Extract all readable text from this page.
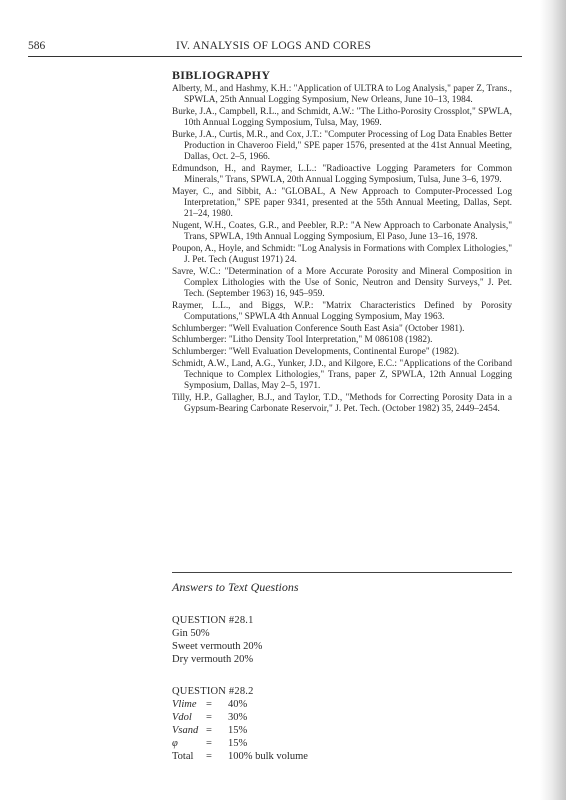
586	IV. ANALYSIS OF LOGS AND CORES
BIBLIOGRAPHY

Alberty, M., and Hashmy, K.H.: "Application of ULTRA to Log Analysis," paper Z, Trans., SPWLA, 25th Annual Logging Symposium, New Orleans, June 10–13, 1984.

Burke, J.A., Campbell, R.L., and Schmidt, A.W.: "The Litho-Porosity Crossplot," SPWLA, 10th Annual Logging Symposium, Tulsa, May, 1969.

Burke, J.A., Curtis, M.R., and Cox, J.T.: "Computer Processing of Log Data Enables Better Production in Chaveroo Field," SPE paper 1576, presented at the 41st Annual Meeting, Dallas, Oct. 2–5, 1966.

Edmundson, H., and Raymer, L.L.: "Radioactive Logging Parameters for Common Minerals," Trans, SPWLA, 20th Annual Logging Symposium, Tulsa, June 3–6, 1979.

Mayer, C., and Sibbit, A.: "GLOBAL, A New Approach to Computer-Processed Log Interpretation," SPE paper 9341, presented at the 55th Annual Meeting, Dallas, Sept. 21–24, 1980.

Nugent, W.H., Coates, G.R., and Peebler, R.P.: "A New Approach to Carbonate Analysis," Trans, SPWLA, 19th Annual Logging Symposium, El Paso, June 13–16, 1978.

Poupon, A., Hoyle, and Schmidt: "Log Analysis in Formations with Complex Lithologies," J. Pet. Tech (August 1971) 24.

Savre, W.C.: "Determination of a More Accurate Porosity and Mineral Composition in Complex Lithologies with the Use of Sonic, Neutron and Density Surveys," J. Pet. Tech. (September 1963) 16, 945–959.

Raymer, L.L., and Biggs, W.P.: "Matrix Characteristics Defined by Porosity Computations," SPWLA 4th Annual Logging Symposium, May 1963.

Schlumberger: "Well Evaluation Conference South East Asia" (October 1981).

Schlumberger: "Litho Density Tool Interpretation," M 086108 (1982).

Schlumberger: "Well Evaluation Developments, Continental Europe" (1982).

Schmidt, A.W., Land, A.G., Yunker, J.D., and Kilgore, E.C.: "Applications of the Coriband Technique to Complex Lithologies," Trans, paper Z, SPWLA, 12th Annual Logging Symposium, Dallas, May 2–5, 1971.

Tilly, H.P., Gallagher, B.J., and Taylor, T.D., "Methods for Correcting Porosity Data in a Gypsum-Bearing Carbonate Reservoir," J. Pet. Tech. (October 1982) 35, 2449–2454.

Answers to Text Questions
QUESTION #28.1
Gin 50%
Sweet vermouth 20%
Dry vermouth 20%
QUESTION #28.2
Vlime =	40%
Vdol	=	30%
Vsand =	15%
φ	=	15%
Total	=	100% bulk volume
